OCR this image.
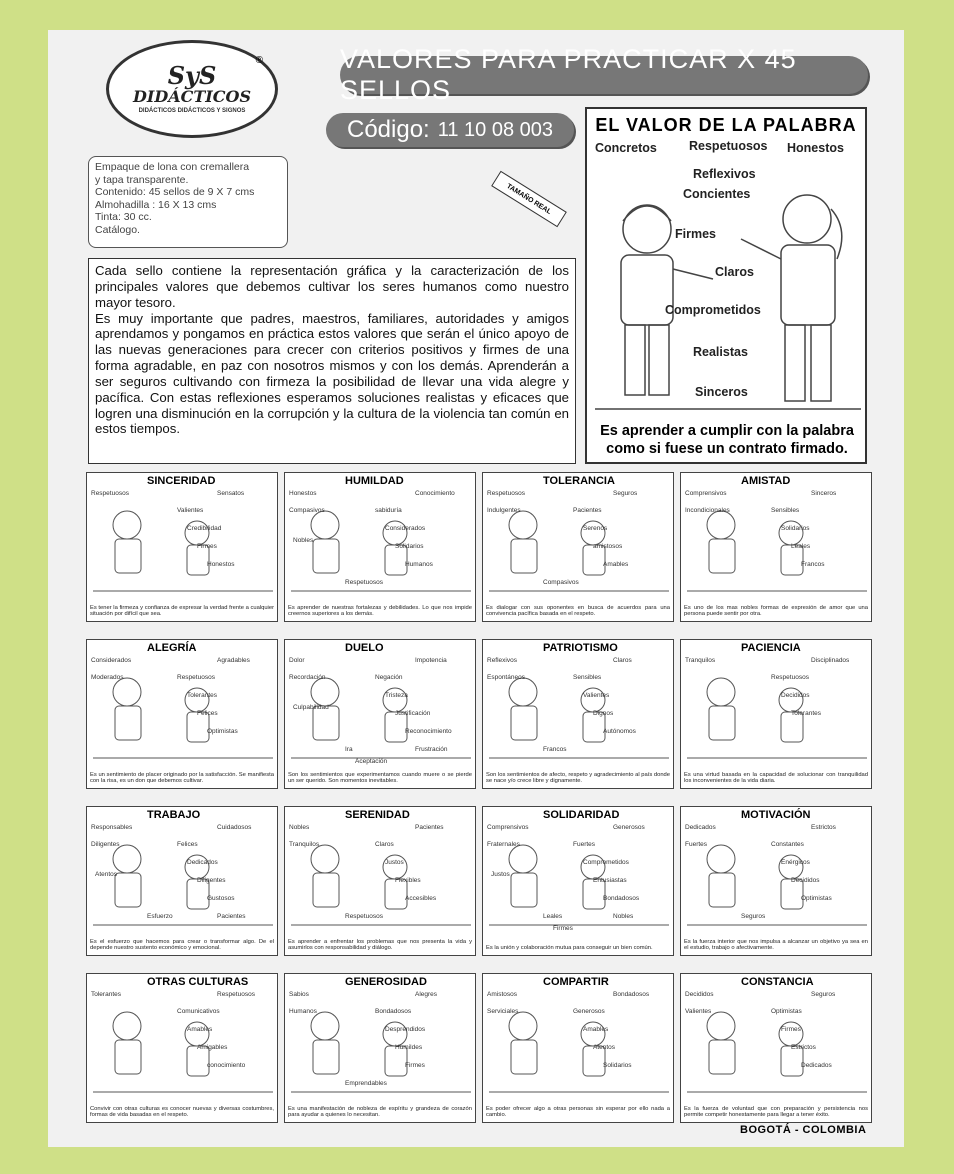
®
SyS
DIDÁCTICOS
DIDÁCTICOS DIDÁCTICOS Y SIGNOS
VALORES PARA PRACTICAR X 45 SELLOS
Código: 11 10 08 003
Empaque de lona con cremallera
y tapa transparente.
Contenido: 45 sellos de 9 X 7 cms
Almohadilla : 16 X 13 cms
Tinta: 30 cc.
Catálogo.
TAMAÑO REAL

Cada sello contiene la representación gráfica y la caracterización de los principales valores que debemos cultivar los seres humanos como nuestro mayor tesoro.

Es muy importante que padres, maestros, familiares, autoridades y amigos aprendamos y pongamos en práctica estos valores que serán el único apoyo de las nuevas generaciones para crecer con criterios positivos y firmes de una forma agradable, en paz con nosotros mismos y con los demás. Aprenderán a ser seguros cultivando con firmeza la posibilidad de llevar una vida alegre y pacífica. Con estas reflexiones esperamos soluciones realistas y eficaces que logren una disminución en la corrupción y la cultura de la violencia tan común en estos tiempos.

EL VALOR DE LA PALABRA
Concretos	Respetuosos Honestos
Reflexivos
Concientes
Firmes
Claros
Comprometidos
Realistas
Sinceros
Es aprender a cumplir con la palabra como si fuese un contrato firmado.
SINCERIDAD
Respetuosos	Sensatos
Valientes
Credibilidad
Firmes
Honestos
Es tener la firmeza y confianza de expresar la verdad frente a cualquier situación por difícil que sea.
HUMILDAD
Honestos	Conocimiento
sabiduría
Considerados
Solidarios
Humanos
Compasivos
Respetuosos
Nobles
Es aprender de nuestras fortalezas y debilidades. Lo que nos impide creernos superiores a los demás.
TOLERANCIA
Respetuosos	Seguros
Pacientes
Serenos
amistosos
Amables
Indulgentes
Compasivos
Es dialogar con sus oponentes en busca de acuerdos para una convivencia pacífica basada en el respeto.
AMISTAD
Comprensivos	Sinceros
Sensibles
Solidarios
Leales
Francos
Incondicionales
Es uno de los mas nobles formas de expresión de amor que una persona puede sentir por otra.
ALEGRÍA
Considerados	Agradables
Respetuosos
Tolerantes
Felices
Optimistas
Moderados
Es un sentimiento de placer originado por la satisfacción. Se manifiesta con la risa, es un don que debemos cultivar.
DUELO
Dolor	Impotencia
Negación
Tristeza
Justificación
Reconocimiento
Recordación
Ira
Culpabilidad
Frustración
Aceptación
Son los sentimientos que experimentamos cuando muere o se pierde un ser querido. Son momentos inevitables.
PATRIOTISMO
Reflexivos	Claros
Sensibles
Valientes
Dignos
Autónomos
Espontáneos
Francos
Son los sentimientos de afecto, respeto y agradecimiento al país donde se nace y/o crece libre y dignamente.
PACIENCIA
Tranquilos	Disciplinados
Respetuosos
Decididos
Tolerantes
Es una virtud basada en la capacidad de solucionar con tranquilidad los inconvenientes de la vida diaria.
TRABAJO
Responsables	Cuidadosos
Felices
Dedicados
Diligentes
Gustosos
Diligentes
Esfuerzo
Atentos
Pacientes
Es el esfuerzo que hacemos para crear o transformar algo. De el depende nuestro sustento económico y emocional.
SERENIDAD
Nobles	Pacientes
Claros
Justos
Flexibles
Accesibles
Tranquilos
Respetuosos
Es aprender a enfrentar los problemas que nos presenta la vida y asumirlos con responsabilidad y diálogo.
SOLIDARIDAD
Comprensivos	Generosos
Fuertes
Comprometidos
Entusiastas
Bondadosos
Fraternales
Leales
Justos
Nobles
Firmes
Es la unión y colaboración mutua para conseguir un bien común.
MOTIVACIÓN
Dedicados	Estrictos
Constantes
Enérgicos
Decididos
Optimistas
Fuertes
Seguros
Es la fuerza interior que nos impulsa a alcanzar un objetivo ya sea en el estudio, trabajo o afectivamente.
OTRAS CULTURAS
Tolerantes	Respetuosos
Comunicativos
Amables
Amigables
conocimiento
Convivir con otras culturas es conocer nuevas y diversas costumbres, formas de vida basadas en el respeto.
GENEROSIDAD
Sabios	Alegres
Bondadosos
Desprendidos
Humildes
Firmes
Humanos
Emprendables
Es una manifestación de nobleza de espíritu y grandeza de corazón para ayudar a quienes lo necesitan.
COMPARTIR
Amistosos	Bondadosos
Generosos
Amables
Atentos
Solidarios
Serviciales
Es poder ofrecer algo a otras personas sin esperar por ello nada a cambio.
CONSTANCIA
Decididos	Seguros
Optimistas
Firmes
Estrictos
Dedicados
Valientes
Es la fuerza de voluntad que con preparación y persistencia nos permite competir honestamente para llegar a tener éxito.
BOGOTÁ - COLOMBIA
